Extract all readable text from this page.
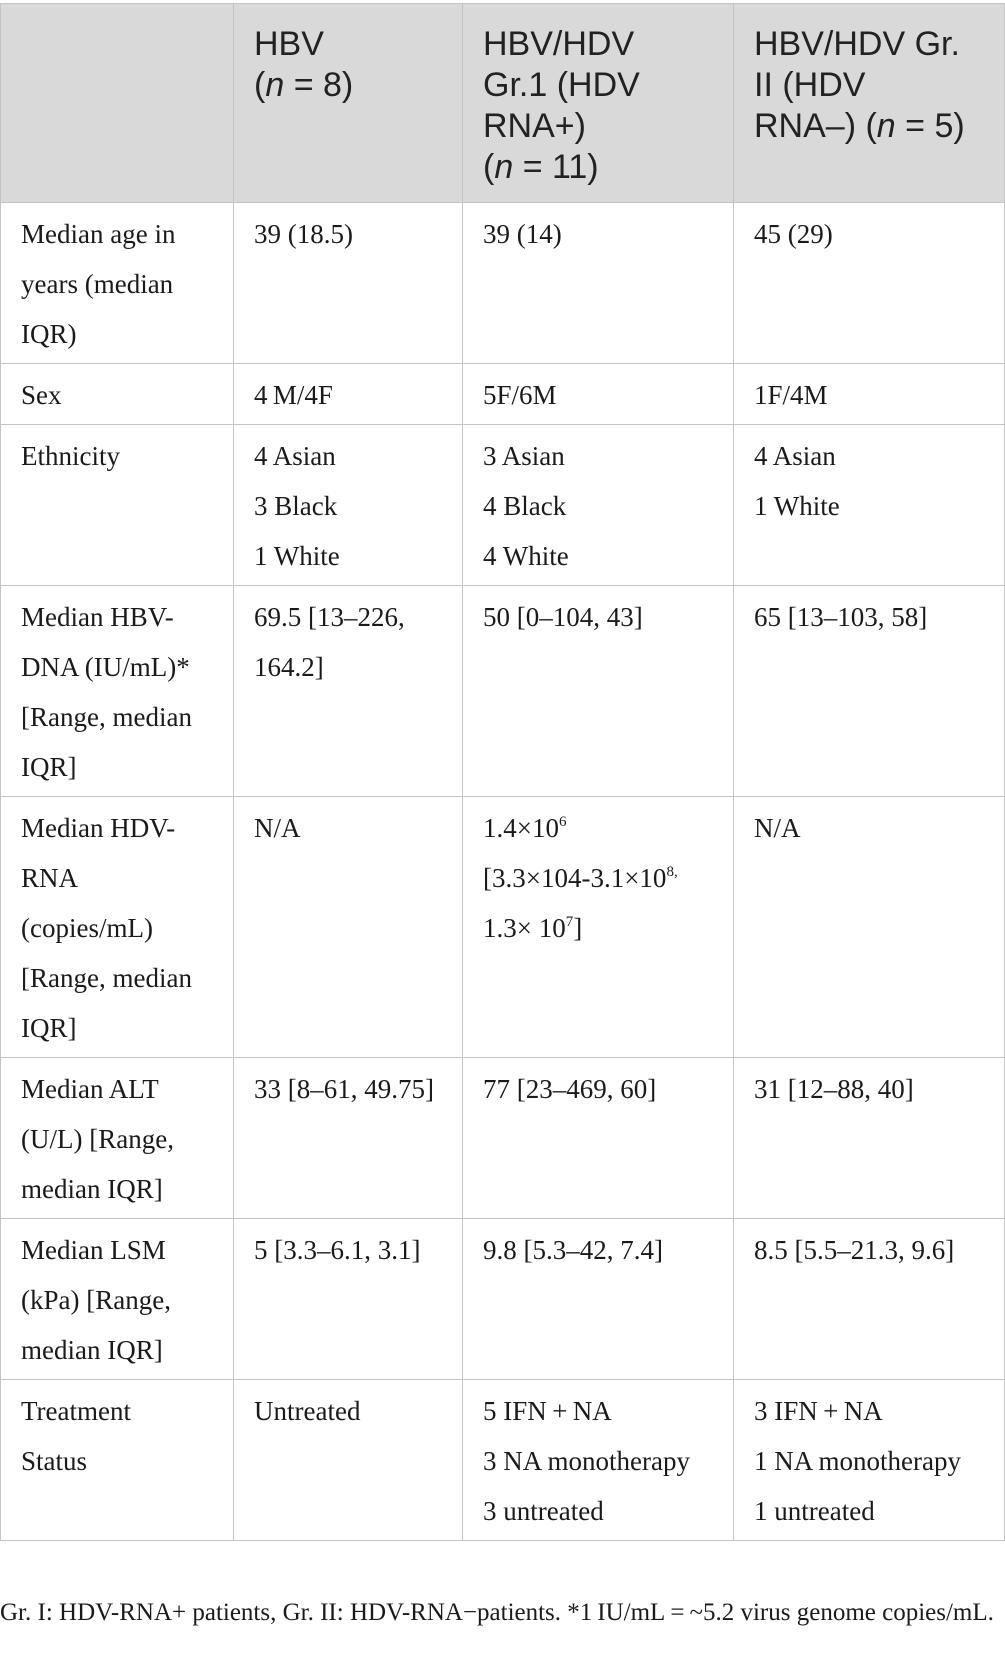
	HBV
(n = 8)	HBV/HDV
Gr.1 (HDV
RNA+)
(n = 11)	HBV/HDV Gr.
II (HDV
RNA–) (n = 5)

Median age in
years (median
IQR)	39 (18.5)	39 (14)	45 (29)
Sex	4 M/4F	5F/6M	1F/4M
Ethnicity	4 Asian
3 Black
1 White	3 Asian
4 Black
4 White	4 Asian
1 White

Median HBV-
DNA (IU/mL)*
[Range, median
IQR]	69.5 [13–226,
164.2]	50 [0–104, 43]	65 [13–103, 58]

Median HDV-
RNA
(copies/mL)
[Range, median
IQR]	N/A	$1.4\times 10^6$
[$3.3\times 104-3.1\times 10^{8,}$
$1.3\times 10^7$]	N/A

Median ALT
(U/L) [Range,
median IQR]	33 [8–61, 49.75]	77 [23–469, 60]	31 [12–88, 40]

Median LSM
(kPa) [Range,
median IQR]	5 [3.3–6.1, 3.1]	9.8 [5.3–42, 7.4]	8.5 [5.5–21.3, 9.6]

Treatment
Status	Untreated	5 IFN + NA
3 NA monotherapy
3 untreated	3 IFN + NA
1 NA monotherapy
1 untreated
Gr. I: HDV-RNA+ patients, Gr. II: HDV-RNA−patients. *1 IU/mL = ~5.2 virus genome copies/mL.
